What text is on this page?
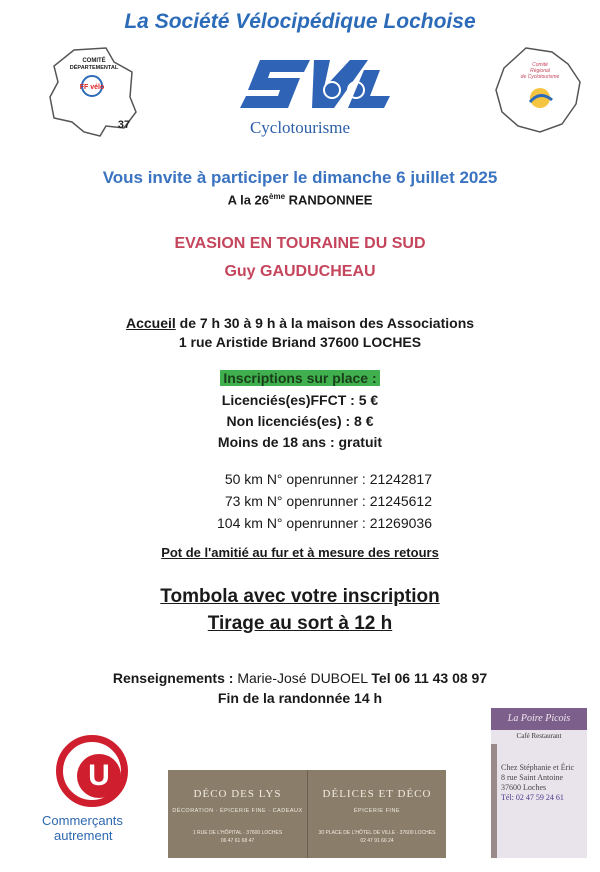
La Société Vélocipédique Lochoise
COMITÉ
DÉPARTEMENTAL
FF vélo
37	Cyclotourisme
Comité
Régional
de Cyclotourisme
Vous invite à participer le dimanche 6 juillet 2025
A la 26ème RANDONNEE
EVASION EN TOURAINE DU SUD
Guy GAUDUCHEAU
Accueil de 7 h 30 à 9 h à la maison des Associations
1 rue Aristide Briand 37600 LOCHES
Inscriptions sur place :
Licenciés(es)FFCT : 5 €
Non licenciés(es) : 8 €
Moins de 18 ans : gratuit
50 km N° openrunner : 21242817
73 km N° openrunner : 21245612
104 km N° openrunner : 21269036
Pot de l'amitié au fur et à mesure des retours
Tombola avec votre inscription
Tirage au sort à 12 h
Renseignements : Marie-José DUBOEL Tel 06 11 43 08 97
Fin de la randonnée 14 h
U
Commerçants
autrement
DÉCO DES LYS
DÉCORATION · ÉPICERIE FINE · CADEAUX
1 RUE DE L'HÔPITAL · 37600 LOCHES
06 47 61 68 47
DÉLICES ET DÉCO
ÉPICERIE FINE
30 PLACE DE L'HÔTEL DE VILLE · 37600 LOCHES
02 47 91 66 24
La Poire Picois
Café Restaurant
Chez Stéphanie et Éric
8 rue Saint Antoine
37600 Loches
Tél: 02 47 59 24 61
